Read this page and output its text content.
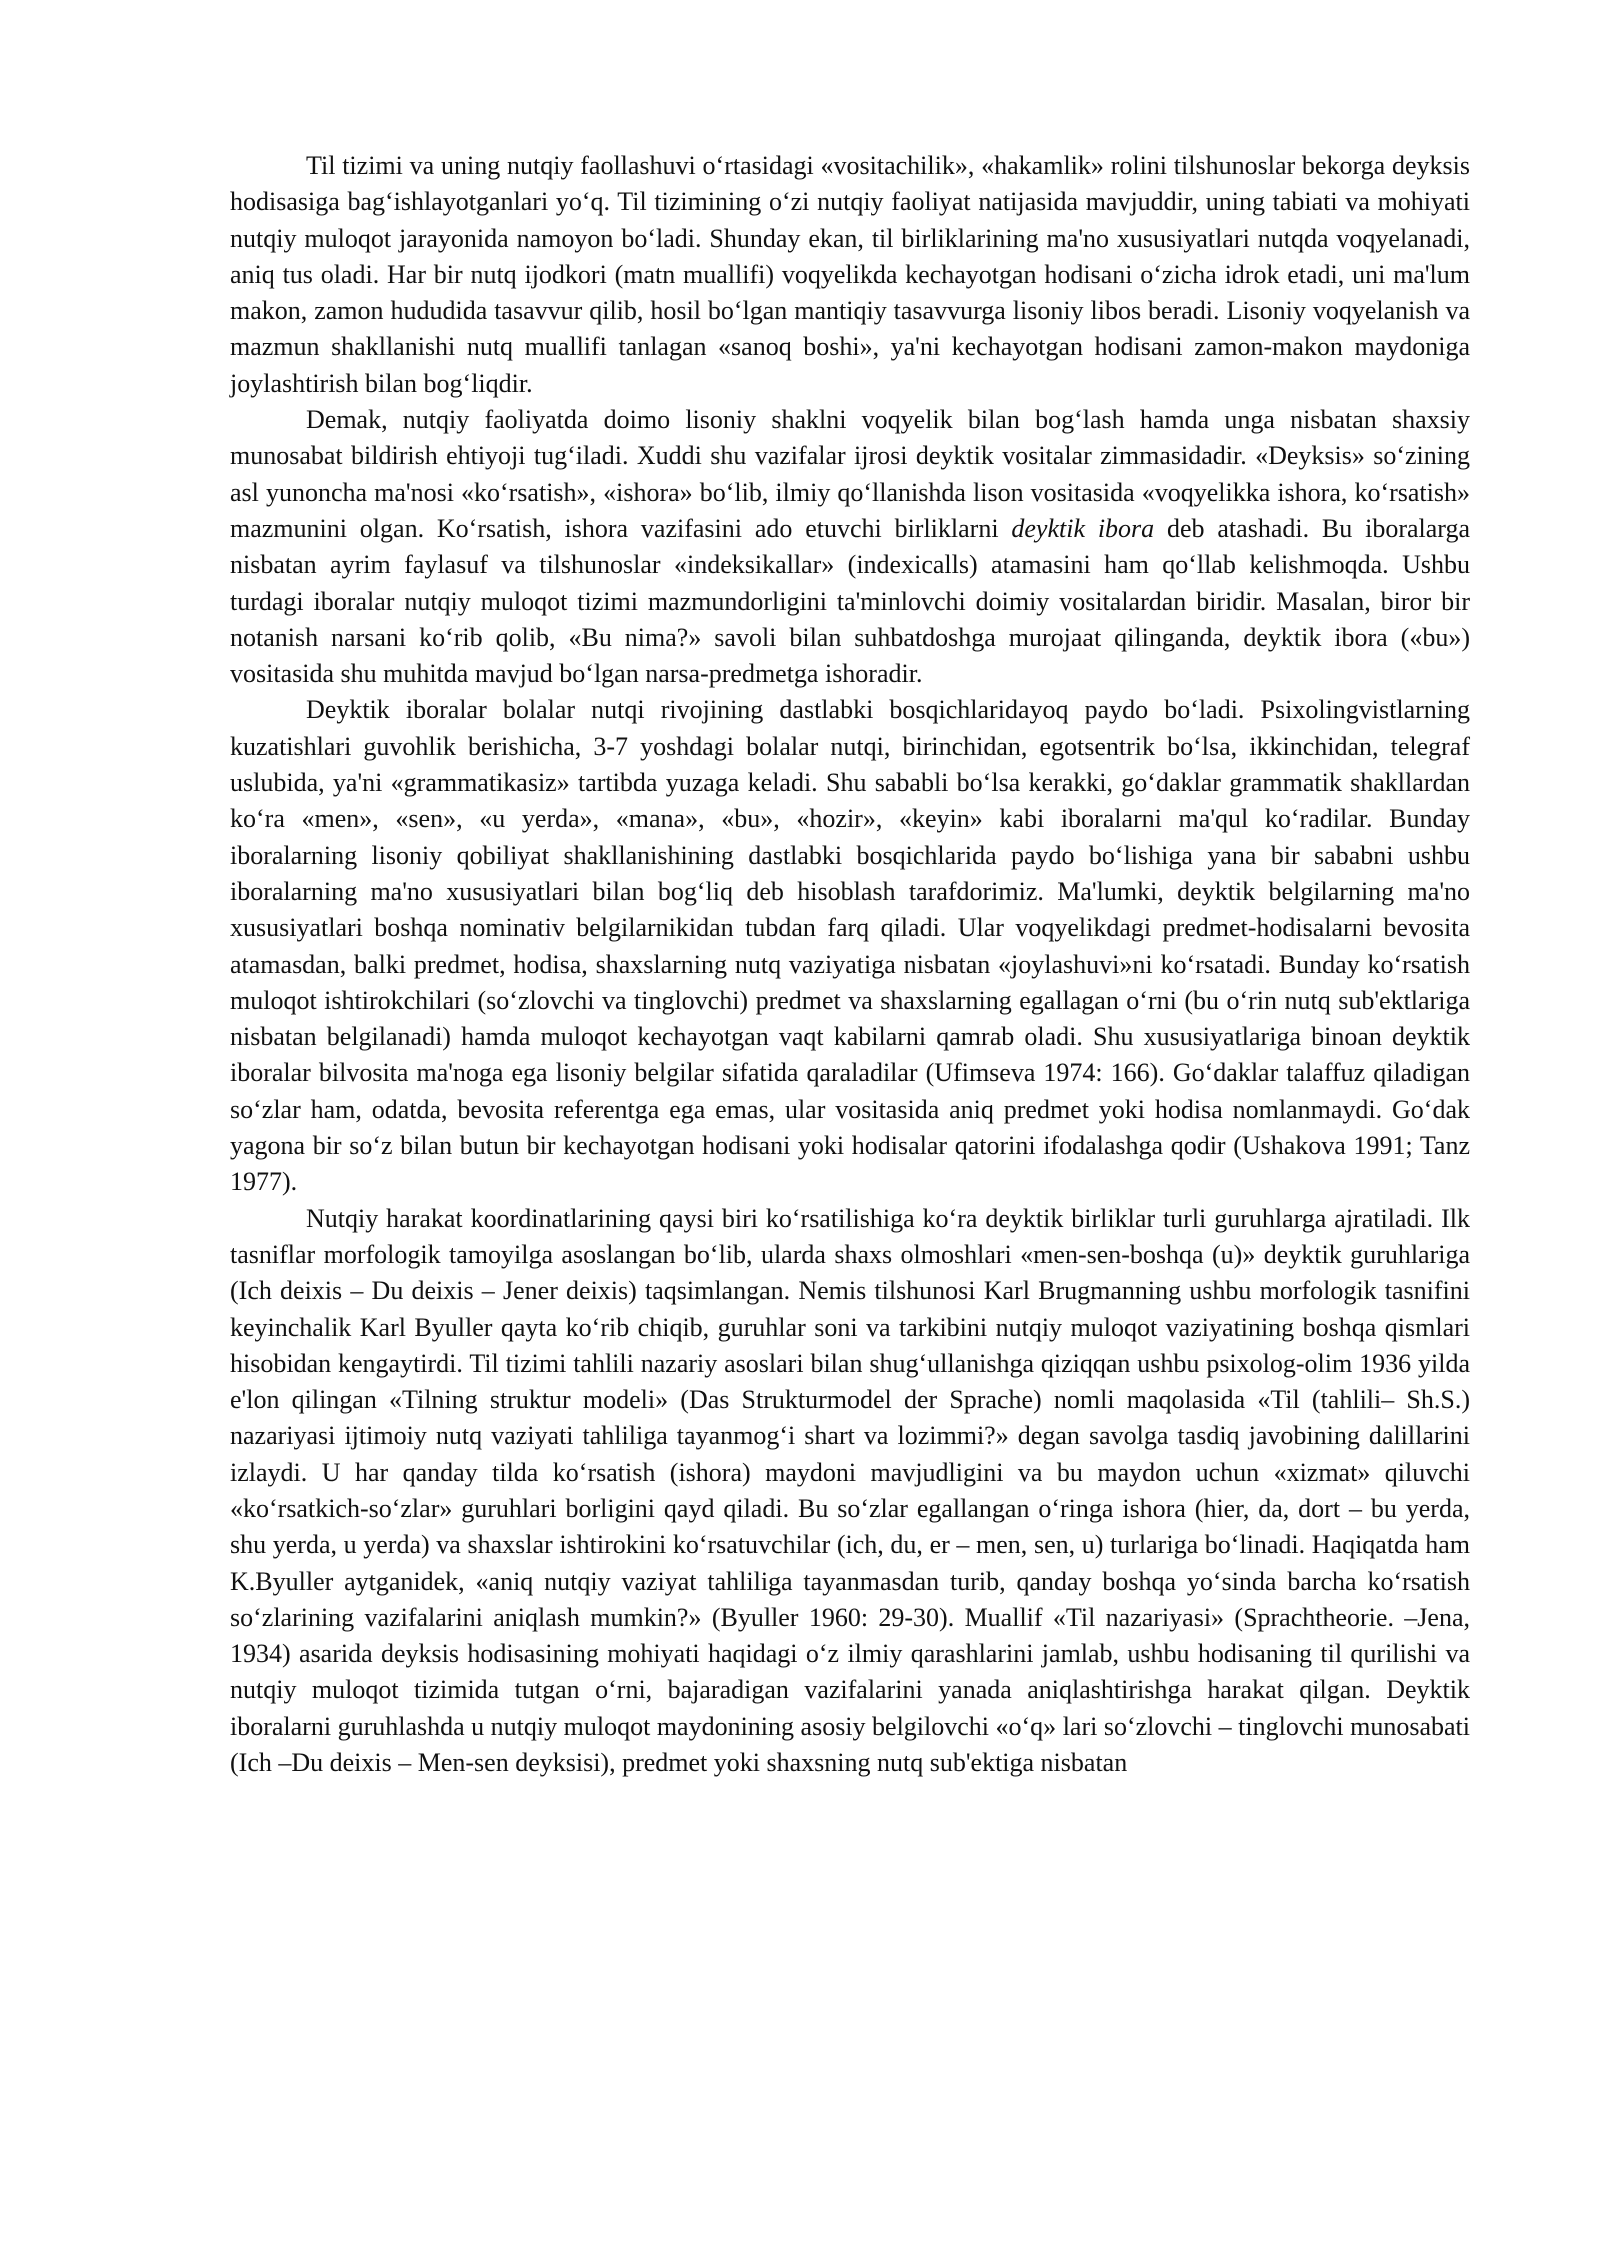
Til tizimi va uning nutqiy faollashuvi o‘rtasidagi «vositachilik», «hakamlik» rolini tilshunoslar bekorga deyksis hodisasiga bag‘ishlayotganlari yo‘q. Til tizimining o‘zi nutqiy faoliyat natijasida mavjuddir, uning tabiati va mohiyati nutqiy muloqot jarayonida namoyon bo‘ladi. Shunday ekan, til birliklarining ma'no xususiyatlari nutqda voqyelanadi, aniq tus oladi. Har bir nutq ijodkori (matn muallifi) voqyelikda kechayotgan hodisani o‘zicha idrok etadi, uni ma'lum makon, zamon hududida tasavvur qilib, hosil bo‘lgan mantiqiy tasavvurga lisoniy libos beradi. Lisoniy voqyelanish va mazmun shakllanishi nutq muallifi tanlagan «sanoq boshi», ya'ni kechayotgan hodisani zamon-makon maydoniga joylashtirish bilan bog‘liqdir.

Demak, nutqiy faoliyatda doimo lisoniy shaklni voqyelik bilan bog‘lash hamda unga nisbatan shaxsiy munosabat bildirish ehtiyoji tug‘iladi. Xuddi shu vazifalar ijrosi deyktik vositalar zimmasidadir. «Deyksis» so‘zining asl yunoncha ma'nosi «ko‘rsatish», «ishora» bo‘lib, ilmiy qo‘llanishda lison vositasida «voqyelikka ishora, ko‘rsatish» mazmunini olgan. Ko‘rsatish, ishora vazifasini ado etuvchi birliklarni deyktik ibora deb atashadi. Bu iboralarga nisbatan ayrim faylasuf va tilshunoslar «indeksikallar» (indexicalls) atamasini ham qo‘llab kelishmoqda. Ushbu turdagi iboralar nutqiy muloqot tizimi mazmundorligini ta'minlovchi doimiy vositalardan biridir. Masalan, biror bir notanish narsani ko‘rib qolib, «Bu nima?» savoli bilan suhbatdoshga murojaat qilinganda, deyktik ibora («bu») vositasida shu muhitda mavjud bo‘lgan narsa-predmetga ishoradir.

Deyktik iboralar bolalar nutqi rivojining dastlabki bosqichlaridayoq paydo bo‘ladi. Psixolingvistlarning kuzatishlari guvohlik berishicha, 3-7 yoshdagi bolalar nutqi, birinchidan, egotsentrik bo‘lsa, ikkinchidan, telegraf uslubida, ya'ni «grammatikasiz» tartibda yuzaga keladi. Shu sababli bo‘lsa kerakki, go‘daklar grammatik shakllardan ko‘ra «men», «sen», «u yerda», «mana», «bu», «hozir», «keyin» kabi iboralarni ma'qul ko‘radilar. Bunday iboralarning lisoniy qobiliyat shakllanishining dastlabki bosqichlarida paydo bo‘lishiga yana bir sababni ushbu iboralarning ma'no xususiyatlari bilan bog‘liq deb hisoblash tarafdorimiz. Ma'lumki, deyktik belgilarning ma'no xususiyatlari boshqa nominativ belgilarnikidan tubdan farq qiladi. Ular voqyelikdagi predmet-hodisalarni bevosita atamasdan, balki predmet, hodisa, shaxslarning nutq vaziyatiga nisbatan «joylashuvi»ni ko‘rsatadi. Bunday ko‘rsatish muloqot ishtirokchilari (so‘zlovchi va tinglovchi) predmet va shaxslarning egallagan o‘rni (bu o‘rin nutq sub'ektlariga nisbatan belgilanadi) hamda muloqot kechayotgan vaqt kabilarni qamrab oladi. Shu xususiyatlariga binoan deyktik iboralar bilvosita ma'noga ega lisoniy belgilar sifatida qaraladilar (Ufimseva 1974: 166). Go‘daklar talaffuz qiladigan so‘zlar ham, odatda, bevosita referentga ega emas, ular vositasida aniq predmet yoki hodisa nomlanmaydi. Go‘dak yagona bir so‘z bilan butun bir kechayotgan hodisani yoki hodisalar qatorini ifodalashga qodir (Ushakova 1991; Tanz 1977).

Nutqiy harakat koordinatlarining qaysi biri ko‘rsatilishiga ko‘ra deyktik birliklar turli guruhlarga ajratiladi. Ilk tasniflar morfologik tamoyilga asoslangan bo‘lib, ularda shaxs olmoshlari «men-sen-boshqa (u)» deyktik guruhlariga (Ich deixis – Du deixis – Jener deixis) taqsimlangan. Nemis tilshunosi Karl Brugmanning ushbu morfologik tasnifini keyinchalik Karl Byuller qayta ko‘rib chiqib, guruhlar soni va tarkibini nutqiy muloqot vaziyatining boshqa qismlari hisobidan kengaytirdi. Til tizimi tahlili nazariy asoslari bilan shug‘ullanishga qiziqqan ushbu psixolog-olim 1936 yilda e'lon qilingan «Tilning struktur modeli» (Das Strukturmodel der Sprache) nomli maqolasida «Til (tahlili– Sh.S.) nazariyasi ijtimoiy nutq vaziyati tahliliga tayanmog‘i shart va lozimmi?» degan savolga tasdiq javobining dalillarini izlaydi. U har qanday tilda ko‘rsatish (ishora) maydoni mavjudligini va bu maydon uchun «xizmat» qiluvchi «ko‘rsatkich-so‘zlar» guruhlari borligini qayd qiladi. Bu so‘zlar egallangan o‘ringa ishora (hier, da, dort – bu yerda, shu yerda, u yerda) va shaxslar ishtirokini ko‘rsatuvchilar (ich, du, er – men, sen, u) turlariga bo‘linadi. Haqiqatda ham K.Byuller aytganidek, «aniq nutqiy vaziyat tahliliga tayanmasdan turib, qanday boshqa yo‘sinda barcha ko‘rsatish so‘zlarining vazifalarini aniqlash mumkin?» (Byuller 1960: 29-30). Muallif «Til nazariyasi» (Sprachtheorie. –Jena, 1934) asarida deyksis hodisasining mohiyati haqidagi o‘z ilmiy qarashlarini jamlab, ushbu hodisaning til qurilishi va nutqiy muloqot tizimida tutgan o‘rni, bajaradigan vazifalarini yanada aniqlashtirishga harakat qilgan. Deyktik iboralarni guruhlashda u nutqiy muloqot maydonining asosiy belgilovchi «o‘q» lari so‘zlovchi – tinglovchi munosabati (Ich –Du deixis – Men-sen deyksisi), predmet yoki shaxsning nutq sub'ektiga nisbatan
